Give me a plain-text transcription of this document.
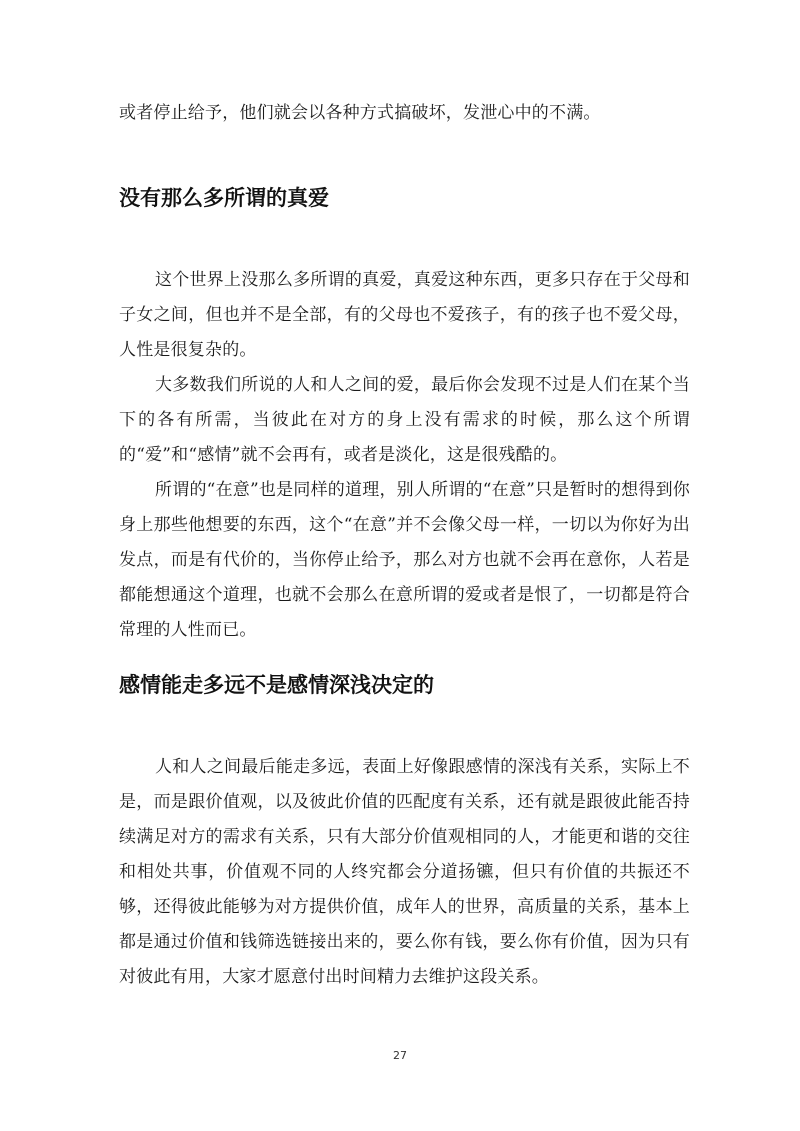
或者停止给予，他们就会以各种方式搞破坏，发泄心中的不满。

没有那么多所谓的真爱

这个世界上没那么多所谓的真爱，真爱这种东西，更多只存在于父母和子女之间，但也并不是全部，有的父母也不爱孩子，有的孩子也不爱父母，人性是很复杂的。

大多数我们所说的人和人之间的爱，最后你会发现不过是人们在某个当下的各有所需，当彼此在对方的身上没有需求的时候，那么这个所谓的“爱”和“感情”就不会再有，或者是淡化，这是很残酷的。

所谓的“在意”也是同样的道理，别人所谓的“在意”只是暂时的想得到你身上那些他想要的东西，这个“在意”并不会像父母一样，一切以为你好为出发点，而是有代价的，当你停止给予，那么对方也就不会再在意你，人若是都能想通这个道理，也就不会那么在意所谓的爱或者是恨了，一切都是符合常理的人性而已。

感情能走多远不是感情深浅决定的

人和人之间最后能走多远，表面上好像跟感情的深浅有关系，实际上不是，而是跟价值观，以及彼此价值的匹配度有关系，还有就是跟彼此能否持续满足对方的需求有关系，只有大部分价值观相同的人，才能更和谐的交往和相处共事，价值观不同的人终究都会分道扬镳，但只有价值的共振还不够，还得彼此能够为对方提供价值，成年人的世界，高质量的关系，基本上都是通过价值和钱筛选链接出来的，要么你有钱，要么你有价值，因为只有对彼此有用，大家才愿意付出时间精力去维护这段关系。

27
